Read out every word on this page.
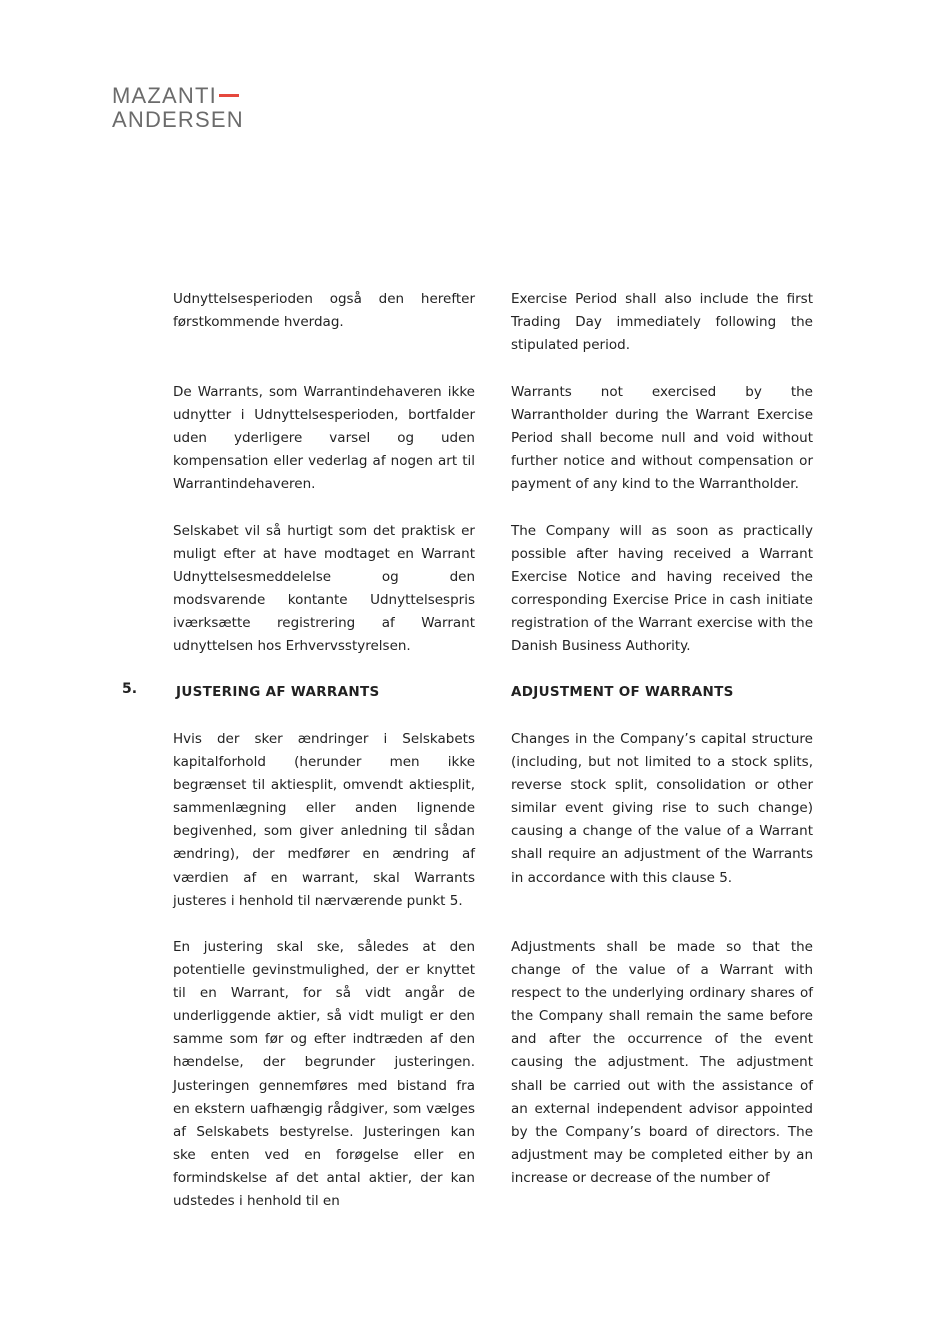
MAZANTI
ANDERSEN

Udnyttelsesperioden også den herefter førstkommende hverdag.

De Warrants, som Warrantindehaveren ikke udnytter i Udnyttelsesperioden, bortfalder uden yderligere varsel og uden kompensation eller vederlag af nogen art til Warrantindehaveren.

Selskabet vil så hurtigt som det praktisk er muligt efter at have modtaget en Warrant Udnyttelsesmeddelelse og den modsvarende kontante Udnyttelsespris iværksætte registrering af Warrant udnyttelsen hos Erhvervsstyrelsen.

JUSTERING AF WARRANTS

Hvis der sker ændringer i Selskabets kapitalforhold (herunder men ikke begrænset til aktiesplit, omvendt aktiesplit, sammenlægning eller anden lignende begivenhed, som giver anledning til sådan ændring), der medfører en ændring af værdien af en warrant, skal Warrants justeres i henhold til nærværende punkt 5.

En justering skal ske, således at den potentielle gevinstmulighed, der er knyttet til en Warrant, for så vidt angår de underliggende aktier, så vidt muligt er den samme som før og efter indtræden af den hændelse, der begrunder justeringen. Justeringen gennemføres med bistand fra en ekstern uafhængig rådgiver, som vælges af Selskabets bestyrelse. Justeringen kan ske enten ved en forøgelse eller en formindskelse af det antal aktier, der kan udstedes i henhold til en

5.

Exercise Period shall also include the first Trading Day immediately following the stipulated period.

Warrants not exercised by the Warrantholder during the Warrant Exercise Period shall become null and void without further notice and without compensation or payment of any kind to the Warrantholder.

The Company will as soon as practically possible after having received a Warrant Exercise Notice and having received the corresponding Exercise Price in cash initiate registration of the Warrant exercise with the Danish Business Authority.

ADJUSTMENT OF WARRANTS

Changes in the Company’s capital structure (including, but not limited to a stock splits, reverse stock split, consolidation or other similar event giving rise to such change) causing a change of the value of a Warrant shall require an adjustment of the Warrants in accordance with this clause 5.

Adjustments shall be made so that the change of the value of a Warrant with respect to the underlying ordinary shares of the Company shall remain the same before and after the occurrence of the event causing the adjustment. The adjustment shall be carried out with the assistance of an external independent advisor appointed by the Company’s board of directors. The adjustment may be completed either by an increase or decrease of the number of
